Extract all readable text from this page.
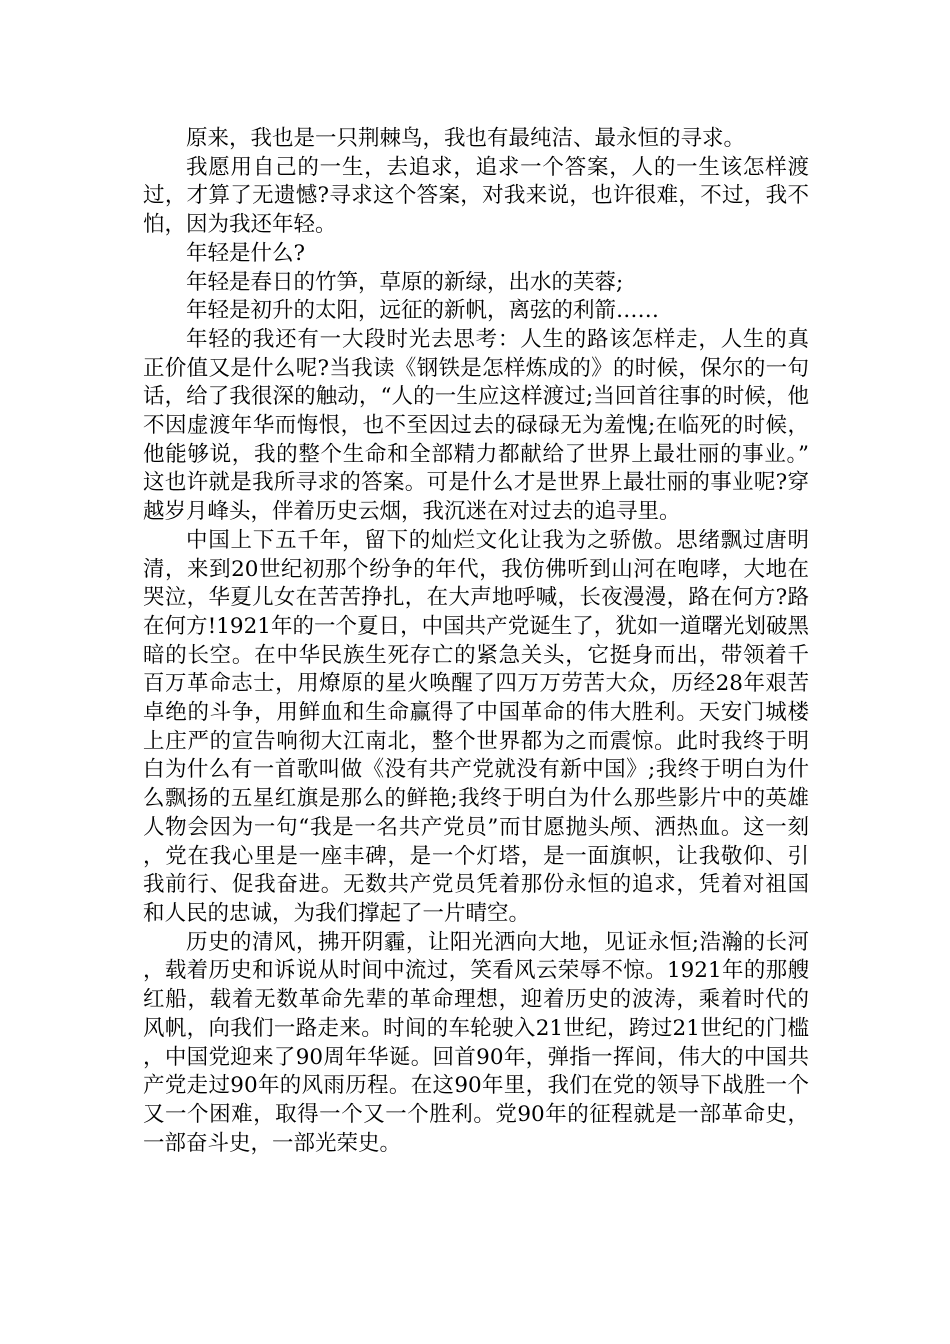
原来，我也是一只荆棘鸟，我也有最纯洁、最永恒的寻求。

我愿用自己的一生，去追求，追求一个答案，人的一生该怎样渡过，才算了无遗憾?寻求这个答案，对我来说，也许很难，不过，我不怕，因为我还年轻。

年轻是什么?

年轻是春日的竹笋，草原的新绿，出水的芙蓉;

年轻是初升的太阳，远征的新帆，离弦的利箭……

年轻的我还有一大段时光去思考：人生的路该怎样走，人生的真正价值又是什么呢?当我读《钢铁是怎样炼成的》的时候，保尔的一句话，给了我很深的触动，“人的一生应这样渡过;当回首往事的时候，他不因虚渡年华而悔恨，也不至因过去的碌碌无为羞愧;在临死的时候，他能够说，我的整个生命和全部精力都献给了世界上最壮丽的事业。”这也许就是我所寻求的答案。可是什么才是世界上最壮丽的事业呢?穿越岁月峰头，伴着历史云烟，我沉迷在对过去的追寻里。

中国上下五千年，留下的灿烂文化让我为之骄傲。思绪飘过唐明清，来到20世纪初那个纷争的年代，我仿佛听到山河在咆哮，大地在哭泣，华夏儿女在苦苦挣扎，在大声地呼喊，长夜漫漫，路在何方?路在何方!1921年的一个夏日，中国共产党诞生了，犹如一道曙光划破黑暗的长空。在中华民族生死存亡的紧急关头，它挺身而出，带领着千百万革命志士，用燎原的星火唤醒了四万万劳苦大众，历经28年艰苦卓绝的斗争，用鲜血和生命赢得了中国革命的伟大胜利。天安门城楼上庄严的宣告响彻大江南北，整个世界都为之而震惊。此时我终于明白为什么有一首歌叫做《没有共产党就没有新中国》;我终于明白为什么飘扬的五星红旗是那么的鲜艳;我终于明白为什么那些影片中的英雄人物会因为一句“我是一名共产党员”而甘愿抛头颅、洒热血。这一刻，党在我心里是一座丰碑，是一个灯塔，是一面旗帜，让我敬仰、引我前行、促我奋进。无数共产党员凭着那份永恒的追求，凭着对祖国和人民的忠诚，为我们撑起了一片晴空。

历史的清风，拂开阴霾，让阳光洒向大地，见证永恒;浩瀚的长河，载着历史和诉说从时间中流过，笑看风云荣辱不惊。1921年的那艘红船，载着无数革命先辈的革命理想，迎着历史的波涛，乘着时代的风帆，向我们一路走来。时间的车轮驶入21世纪，跨过21世纪的门槛，中国党迎来了90周年华诞。回首90年，弹指一挥间，伟大的中国共产党走过90年的风雨历程。在这90年里，我们在党的领导下战胜一个又一个困难，取得一个又一个胜利。党90年的征程就是一部革命史，一部奋斗史，一部光荣史。
